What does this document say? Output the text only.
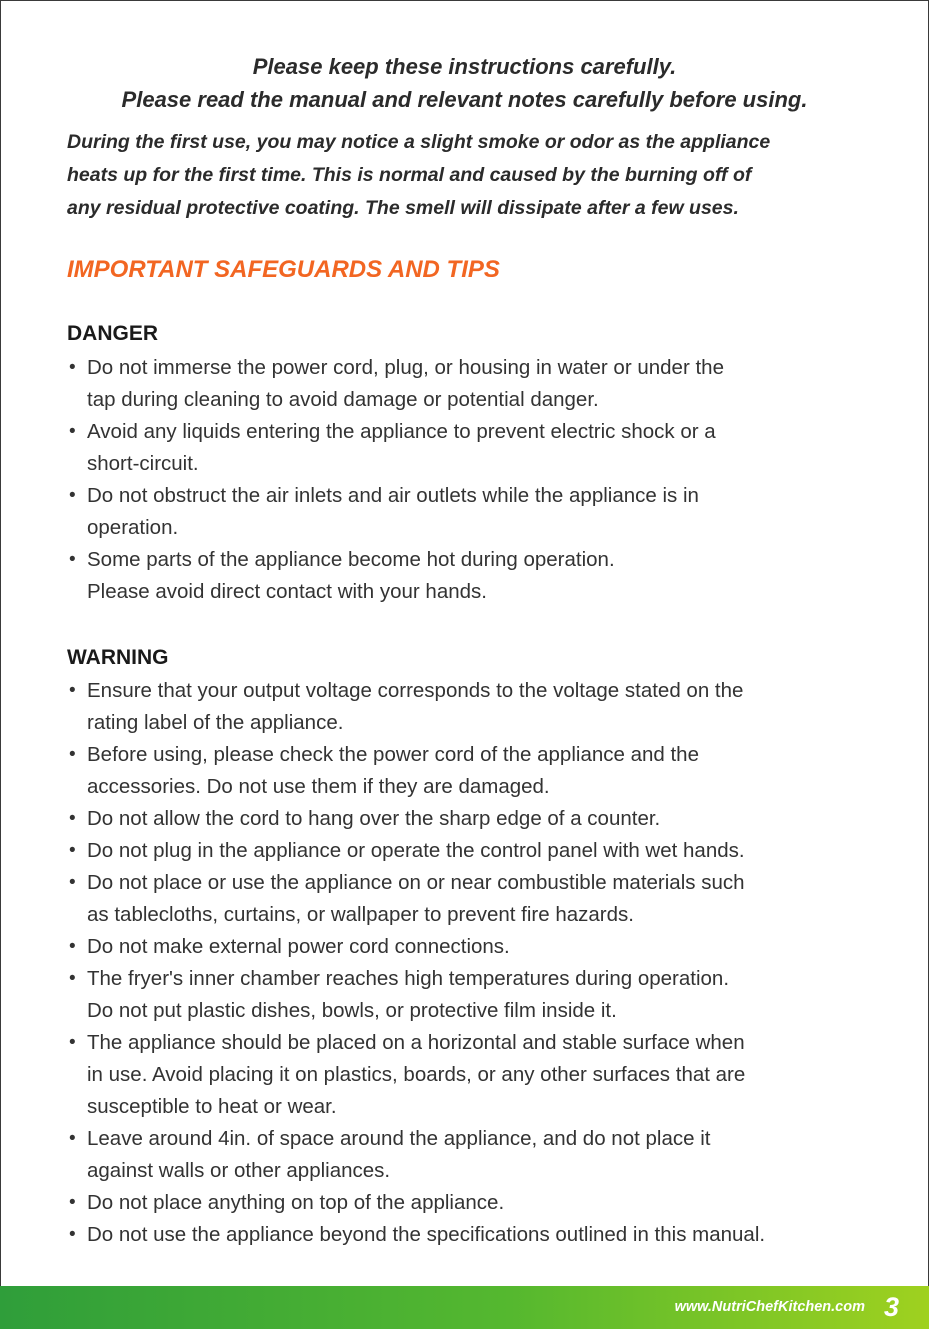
Please keep these instructions carefully.
Please read the manual and relevant notes carefully before using.
During the first use, you may notice a slight smoke or odor as the appliance
heats up for the first time. This is normal and caused by the burning off of
any residual protective coating. The smell will dissipate after a few uses.
IMPORTANT SAFEGUARDS AND TIPS
DANGER
• Do not immerse the power cord, plug, or housing in water or under the
tap during cleaning to avoid damage or potential danger.
• Avoid any liquids entering the appliance to prevent electric shock or a
short-circuit.
• Do not obstruct the air inlets and air outlets while the appliance is in
operation.
• Some parts of the appliance become hot during operation.
Please avoid direct contact with your hands.
WARNING
• Ensure that your output voltage corresponds to the voltage stated on the
rating label of the appliance.
• Before using, please check the power cord of the appliance and the
accessories. Do not use them if they are damaged.
• Do not allow the cord to hang over the sharp edge of a counter.
• Do not plug in the appliance or operate the control panel with wet hands.
• Do not place or use the appliance on or near combustible materials such
as tablecloths, curtains, or wallpaper to prevent fire hazards.
• Do not make external power cord connections.
• The fryer's inner chamber reaches high temperatures during operation.
Do not put plastic dishes, bowls, or protective film inside it.
• The appliance should be placed on a horizontal and stable surface when
in use. Avoid placing it on plastics, boards, or any other surfaces that are
susceptible to heat or wear.
• Leave around 4in. of space around the appliance, and do not place it
against walls or other appliances.
• Do not place anything on top of the appliance.
• Do not use the appliance beyond the specifications outlined in this manual.
www.NutriChefKitchen.com 3
